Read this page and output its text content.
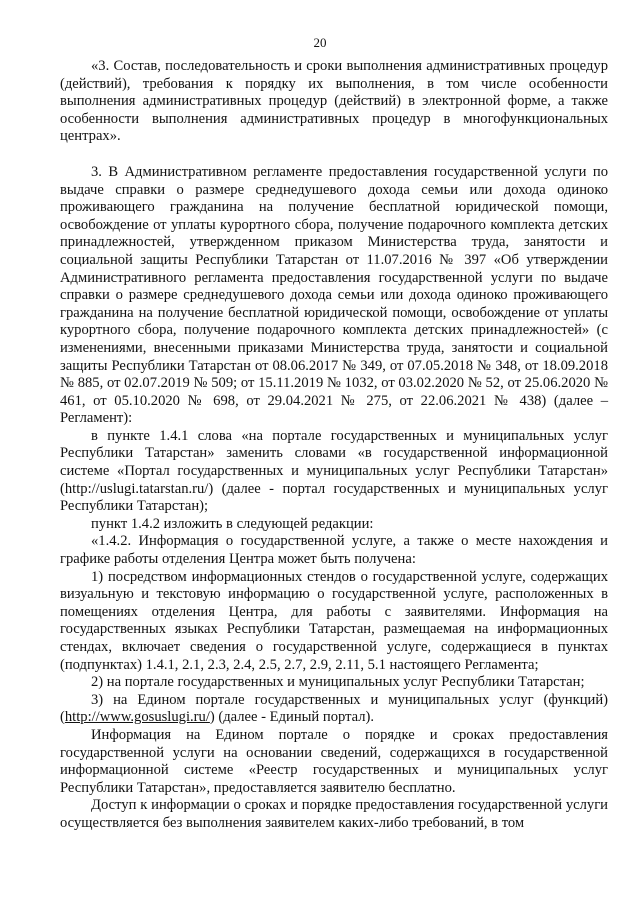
20

«3. Состав, последовательность и сроки выполнения административных процедур (действий), требования к порядку их выполнения, в том числе особенности выполнения административных процедур (действий) в электронной форме, а также особенности выполнения административных процедур в многофункциональных центрах».

3. В Административном регламенте предоставления государственной услуги по выдаче справки о размере среднедушевого дохода семьи или дохода одиноко проживающего гражданина на получение бесплатной юридической помощи, освобождение от уплаты курортного сбора, получение подарочного комплекта детских принадлежностей, утвержденном приказом Министерства труда, занятости и социальной защиты Республики Татарстан от 11.07.2016 № 397 «Об утверждении Административного регламента предоставления государственной услуги по выдаче справки о размере среднедушевого дохода семьи или дохода одиноко проживающего гражданина на получение бесплатной юридической помощи, освобождение от уплаты курортного сбора, получение подарочного комплекта детских принадлежностей» (с изменениями, внесенными приказами Министерства труда, занятости и социальной защиты Республики Татарстан от 08.06.2017 № 349, от 07.05.2018 № 348, от 18.09.2018 № 885, от 02.07.2019 № 509; от 15.11.2019 № 1032, от 03.02.2020 № 52, от 25.06.2020 № 461, от 05.10.2020 № 698, от 29.04.2021 № 275, от 22.06.2021 № 438) (далее – Регламент):

в пункте 1.4.1 слова «на портале государственных и муниципальных услуг Республики Татарстан» заменить словами «в государственной информационной системе «Портал государственных и муниципальных услуг Республики Татарстан» (http://uslugi.tatarstan.ru/) (далее - портал государственных и муниципальных услуг Республики Татарстан);

пункт 1.4.2 изложить в следующей редакции:

«1.4.2. Информация о государственной услуге, а также о месте нахождения и графике работы отделения Центра может быть получена:

1) посредством информационных стендов о государственной услуге, содержащих визуальную и текстовую информацию о государственной услуге, расположенных в помещениях отделения Центра, для работы с заявителями. Информация на государственных языках Республики Татарстан, размещаемая на информационных стендах, включает сведения о государственной услуге, содержащиеся в пунктах (подпунктах) 1.4.1, 2.1, 2.3, 2.4, 2.5, 2.7, 2.9, 2.11, 5.1 настоящего Регламента;

2) на портале государственных и муниципальных услуг Республики Татарстан;

3) на Едином портале государственных и муниципальных услуг (функций) (http://www.gosuslugi.ru/) (далее - Единый портал).

Информация на Едином портале о порядке и сроках предоставления государственной услуги на основании сведений, содержащихся в государственной информационной системе «Реестр государственных и муниципальных услуг Республики Татарстан», предоставляется заявителю бесплатно.

Доступ к информации о сроках и порядке предоставления государственной услуги осуществляется без выполнения заявителем каких-либо требований, в том
